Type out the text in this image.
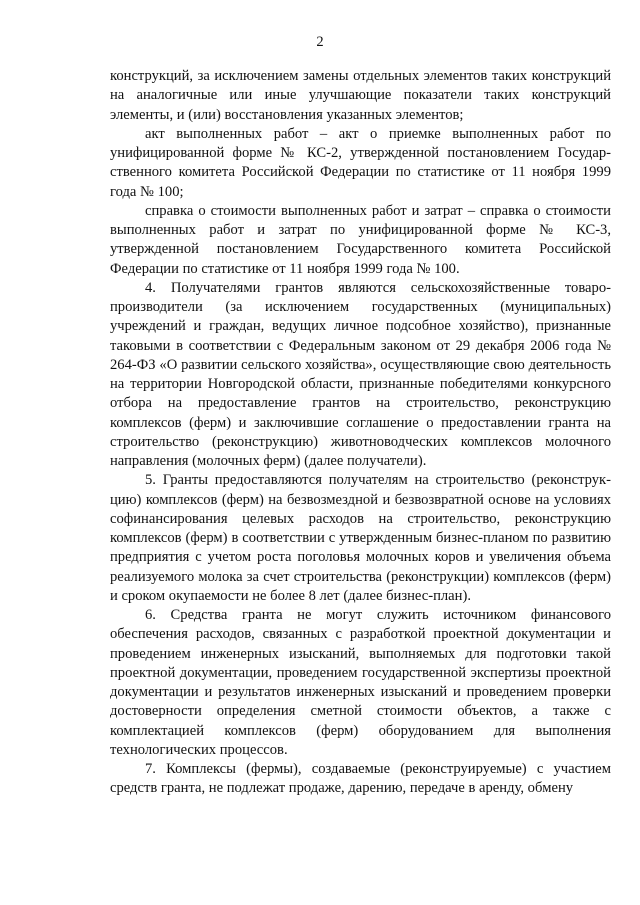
2

конструкций, за исключением замены отдельных элементов таких конструкций на аналогичные или иные улучшающие показатели таких конструкций элементы, и (или) восстановления указанных элементов;

акт выполненных работ – акт о приемке выполненных работ по унифицированной форме № КС-2, утвержденной постановлением Государственного комитета Российской Федерации по статистике от 11 ноября 1999 года № 100;

справка о стоимости выполненных работ и затрат – справка о стоимости выполненных работ и затрат по унифицированной форме № КС-3, утвержденной постановлением Государственного комитета Российской Федерации по статистике от 11 ноября 1999 года № 100.

4. Получателями грантов являются сельскохозяйственные товаропроизводители (за исключением государственных (муниципальных) учреждений и граждан, ведущих личное подсобное хозяйство), признанные таковыми в соответствии с Федеральным законом от 29 декабря 2006 года № 264-ФЗ «О развитии сельского хозяйства», осуществляющие свою деятельность на территории Новгородской области, признанные победителями конкурсного отбора на предоставление грантов на строительство, реконструкцию комплексов (ферм) и заключившие соглашение о предоставлении гранта на строительство (реконструкцию) животноводческих комплексов молочного направления (молочных ферм) (далее получатели).

5. Гранты предоставляются получателям на строительство (реконструкцию) комплексов (ферм) на безвозмездной и безвозвратной основе на условиях софинансирования целевых расходов на строительство, реконструкцию комплексов (ферм) в соответствии с утвержденным бизнес-планом по развитию предприятия с учетом роста поголовья молочных коров и увеличения объема реализуемого молока за счет строительства (реконструкции) комплексов (ферм) и сроком окупаемости не более 8 лет (далее бизнес-план).

6. Средства гранта не могут служить источником финансового обеспечения расходов, связанных с разработкой проектной документации и проведением инженерных изысканий, выполняемых для подготовки такой проектной документации, проведением государственной экспертизы проектной документации и результатов инженерных изысканий и проведением проверки достоверности определения сметной стоимости объектов, а также с комплектацией комплексов (ферм) оборудованием для выполнения технологических процессов.

7. Комплексы (фермы), создаваемые (реконструируемые) с участием средств гранта, не подлежат продаже, дарению, передаче в аренду, обмену
